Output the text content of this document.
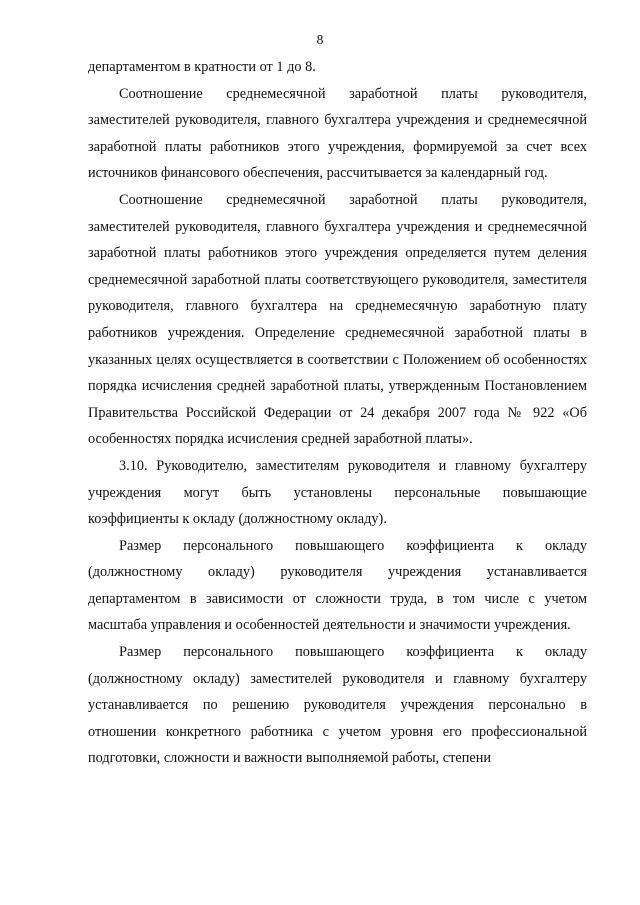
8

департаментом в кратности от 1 до 8.

Соотношение среднемесячной заработной платы руководителя, заместителей руководителя, главного бухгалтера учреждения и среднемесячной заработной платы работников этого учреждения, формируемой за счет всех источников финансового обеспечения, рассчитывается за календарный год.

Соотношение среднемесячной заработной платы руководителя, заместителей руководителя, главного бухгалтера учреждения и среднемесячной заработной платы работников этого учреждения определяется путем деления среднемесячной заработной платы соответствующего руководителя, заместителя руководителя, главного бухгалтера на среднемесячную заработную плату работников учреждения. Определение среднемесячной заработной платы в указанных целях осуществляется в соответствии с Положением об особенностях порядка исчисления средней заработной платы, утвержденным Постановлением Правительства Российской Федерации от 24 декабря 2007 года № 922 «Об особенностях порядка исчисления средней заработной платы».

3.10. Руководителю, заместителям руководителя и главному бухгалтеру учреждения могут быть установлены персональные повышающие коэффициенты к окладу (должностному окладу).

Размер персонального повышающего коэффициента к окладу (должностному окладу) руководителя учреждения устанавливается департаментом в зависимости от сложности труда, в том числе с учетом масштаба управления и особенностей деятельности и значимости учреждения.

Размер персонального повышающего коэффициента к окладу (должностному окладу) заместителей руководителя и главному бухгалтеру устанавливается по решению руководителя учреждения персонально в отношении конкретного работника с учетом уровня его профессиональной подготовки, сложности и важности выполняемой работы, степени
